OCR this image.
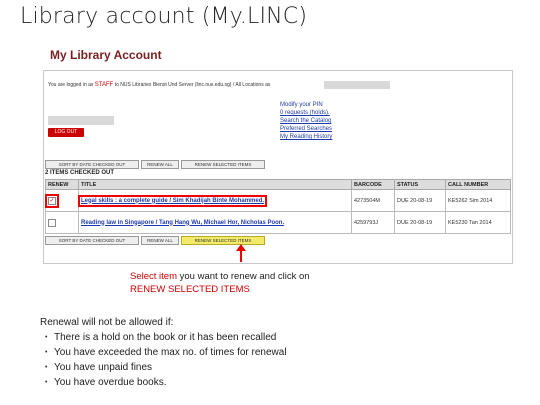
Library account (My.LINC)
My Library Account
You are logged in as STAFF to NUS Libraries Bienst Und Server (linc.nus.edu.sg) / All Locations as
LOG OUT
Modify your PIN
0 requests (holds).
Search the Catalog
Preferred Searches
My Reading History
SORT BY DATE CHECKED OUT	RENEW ALL	RENEW SELECTED ITEMS
2 ITEMS CHECKED OUT
RENEW	TITLE	BARCODE	STATUS	CALL NUMBER
✓	Legal skills : a complete guide / Sim Khadijah Binte Mohammed.	4273504M	DUE 20-08-19	KE5262 Sim 2014
	Reading law in Singapore / Tang Hang Wu, Michael Hor, Nicholas Poon.	4259793J	DUE 20-08-19	KE5230 Tan 2014
SORT BY DATE CHECKED OUT	RENEW ALL	RENEW SELECTED ITEMS
Select item you want to renew and click on RENEW SELECTED ITEMS
Renewal will not be allowed if:
• There is a hold on the book or it has been recalled
• You have exceeded the max no. of times for renewal
• You have unpaid fines
• You have overdue books.
